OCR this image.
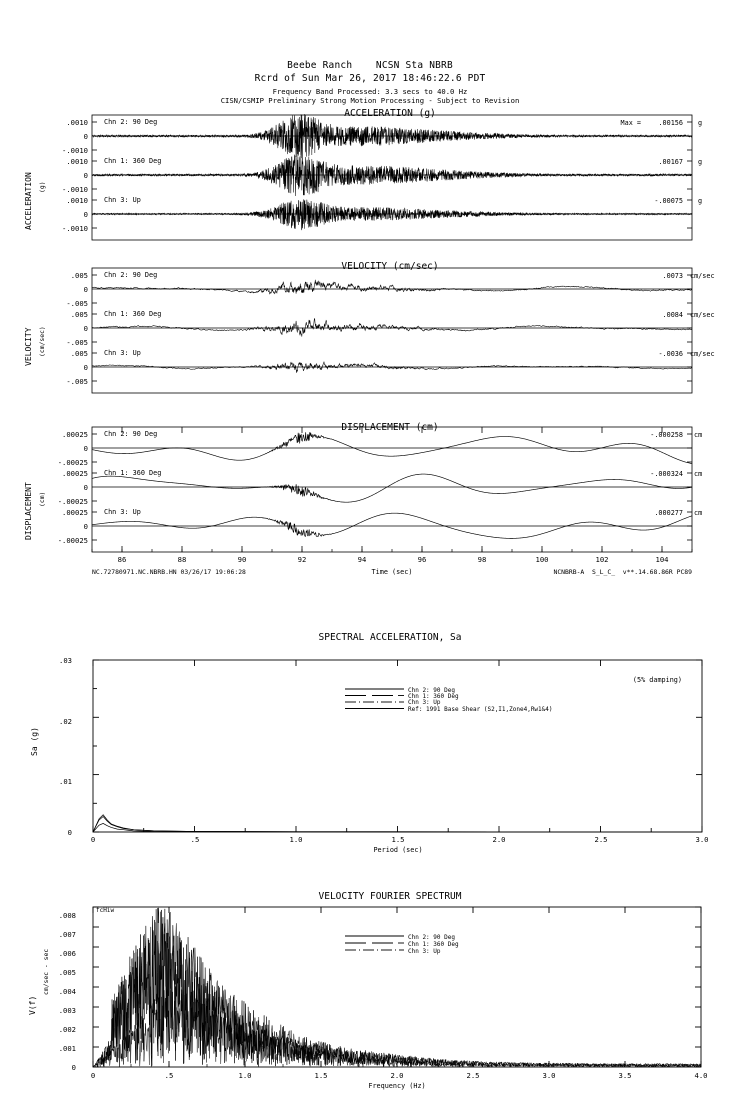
Beebe Ranch    NCSN Sta NBRB
Rcrd of Sun Mar 26, 2017 18:46:22.6 PDT
Frequency Band Processed: 3.3 secs to 40.0 Hz
CISN/CSMIP Preliminary Strong Motion Processing - Subject to Revision
ACCELERATION (g)
ACCELERATION (g)
.0010
0
-.0010
.0010
0
-.0010
.0010
0
-.0010
Chn 2: 90 Deg
Chn 1: 360 Deg
Chn 3: Up
Max =	.00156 g
.00167 g
-.00075 g
VELOCITY (cm/sec)
VELOCITY (cm/sec)
.005
0
-.005
.005
0
-.005
.005
0
-.005
Chn 2: 90 Deg
Chn 1: 360 Deg
Chn 3: Up
.0073 cm/sec
.0084 cm/sec
-.0036 cm/sec
DISPLACEMENT (cm)
DISPLACEMENT (cm)
.00025
0
-.00025
.00025
0
-.00025
.00025
0
-.00025
Chn 2: 90 Deg
Chn 1: 360 Deg
Chn 3: Up
-.000258 cm
-.000324 cm
.000277 cm
86	88	90	92	94	96	98	100	102	104
NC.72780971.NC.NBRB.HN 03/26/17 19:06:28	Time (sec)	NCNBRB-A  S_L_C_  v**.14.68.86R PC89
SPECTRAL ACCELERATION, Sa
Sa (g)
.03
.02
.01
0
0	.5	1.0	1.5	2.0	2.5	3.0
Period (sec)
(5% damping)
Chn 2: 90 Deg
Chn 1: 360 Deg
Chn 3: Up
Ref: 1991 Base Shear (S2,I1,Zone4,Rw1&4)
VELOCITY FOURIER SPECTRUM
V(f)
cm/sec - sec
.008
.007
.006
.005
.004
.003
.002
.001
0
0	.5	1.0	1.5	2.0	2.5	3.0	3.5	4.0
Frequency (Hz)
fcHiw
Chn 2: 90 Deg
Chn 1: 360 Deg
Chn 3: Up
